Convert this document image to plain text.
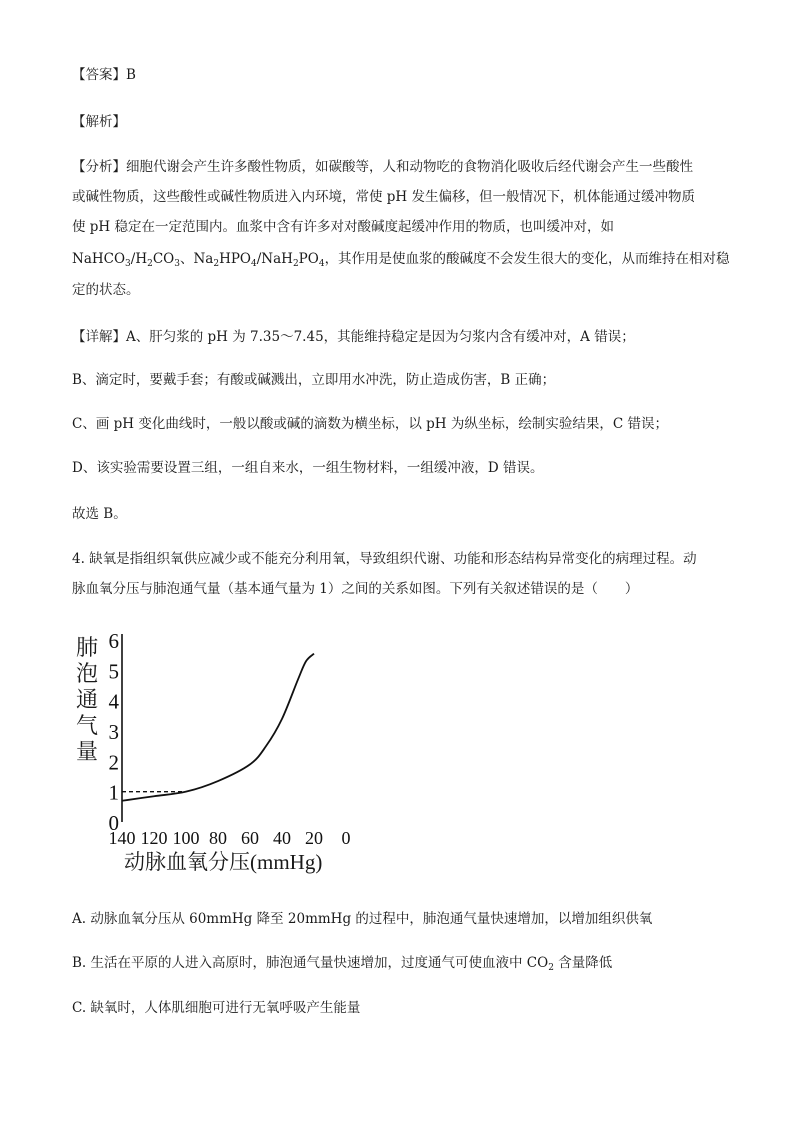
【答案】B
【解析】
【分析】细胞代谢会产生许多酸性物质，如碳酸等，人和动物吃的食物消化吸收后经代谢会产生一些酸性
或碱性物质，这些酸性或碱性物质进入内环境，常使 pH 发生偏移，但一般情况下，机体能通过缓冲物质
使 pH 稳定在一定范围内。血浆中含有许多对对酸碱度起缓冲作用的物质，也叫缓冲对，如
$NaHCO_3/H_2CO_3$、$Na_2HPO_4/NaH_2PO_4$，其作用是使血浆的酸碱度不会发生很大的变化，从而维持在相对稳
定的状态。
【详解】A、肝匀浆的 pH 为 7.35～7.45，其能维持稳定是因为匀浆内含有缓冲对，A 错误；
B、滴定时，要戴手套；有酸或碱溅出，立即用水冲洗，防止造成伤害，B 正确；
C、画 pH 变化曲线时，一般以酸或碱的滴数为横坐标，以 pH 为纵坐标，绘制实验结果，C 错误；
D、该实验需要设置三组，一组自来水，一组生物材料，一组缓冲液，D 错误。
故选 B。
4. 缺氧是指组织氧供应减少或不能充分利用氧，导致组织代谢、功能和形态结构异常变化的病理过程。动
脉血氧分压与肺泡通气量（基本通气量为 1）之间的关系如图。下列有关叙述错误的是（　　）
肺
泡
通
气
量
0
1
2
3
4
5
6
140 120 100 80 60 40 20 0
动脉血氧分压(mmHg)
A. 动脉血氧分压从 60mmHg 降至 20mmHg 的过程中，肺泡通气量快速增加，以增加组织供氧
B. 生活在平原的人进入高原时，肺泡通气量快速增加，过度通气可使血液中 $CO_2$ 含量降低
C. 缺氧时，人体肌细胞可进行无氧呼吸产生能量
